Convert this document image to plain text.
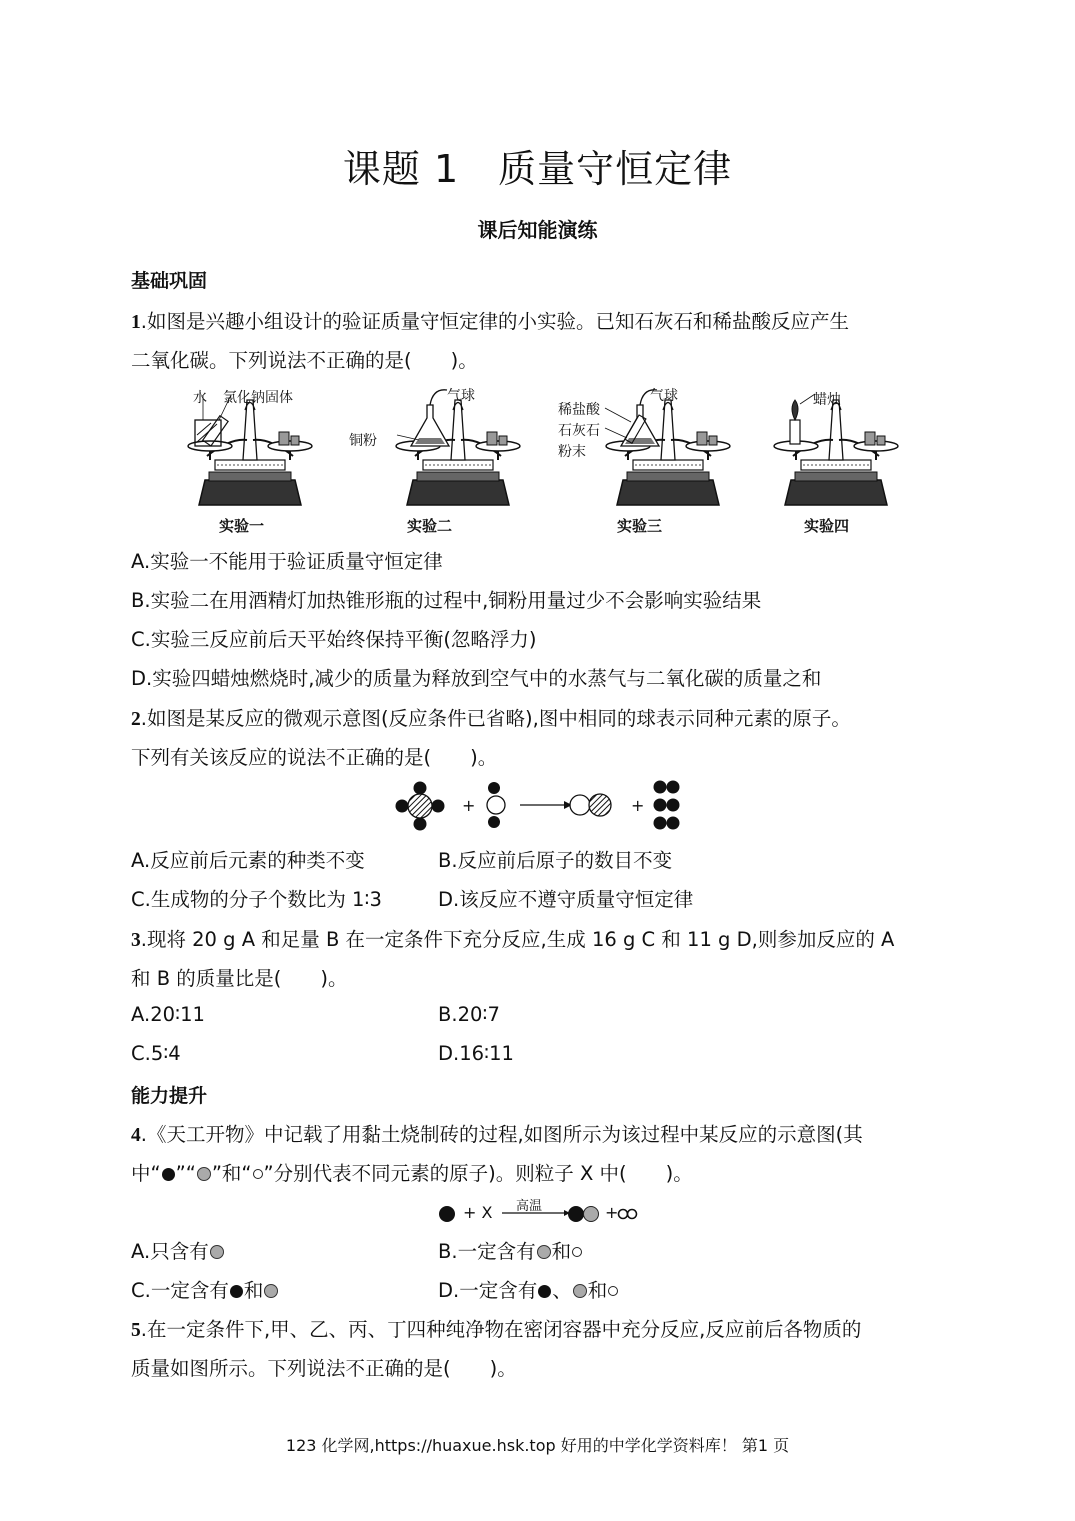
课题 1　质量守恒定律
课后知能演练
基础巩固
1.如图是兴趣小组设计的验证质量守恒定律的小实验。已知石灰石和稀盐酸反应产生
二氧化碳。下列说法不正确的是(　　)。
水 氯化钠固体	气球
铜粉
气球
稀盐酸
石灰石
粉末
蜡烛
实验一	实验二	实验三	实验四
A.实验一不能用于验证质量守恒定律
B.实验二在用酒精灯加热锥形瓶的过程中,铜粉用量过少不会影响实验结果
C.实验三反应前后天平始终保持平衡(忽略浮力)
D.实验四蜡烛燃烧时,减少的质量为释放到空气中的水蒸气与二氧化碳的质量之和
2.如图是某反应的微观示意图(反应条件已省略),图中相同的球表示同种元素的原子。
下列有关该反应的说法不正确的是(　　)。
+	+
A.反应前后元素的种类不变	B.反应前后原子的数目不变
C.生成物的分子个数比为 1∶3	D.该反应不遵守质量守恒定律
3.现将 20 g A 和足量 B 在一定条件下充分反应,生成 16 g C 和 11 g D,则参加反应的 A
和 B 的质量比是(　　)。
A.20∶11	B.20∶7
C.5∶4	D.16∶11
能力提升
4.《天工开物》中记载了用黏土烧制砖的过程,如图所示为该过程中某反应的示意图(其
中“ ”“ ”和“ ”分别代表不同元素的原子)。则粒子 X 中(　　)。
+ X 高温	+
A.只含有	B.一定含有 和
C.一定含有 和	D.一定含有 、 和
5.在一定条件下,甲、乙、丙、丁四种纯净物在密闭容器中充分反应,反应前后各物质的
质量如图所示。下列说法不正确的是(　　)。
123 化学网,https://huaxue.hsk.top 好用的中学化学资料库！ 第1 页
